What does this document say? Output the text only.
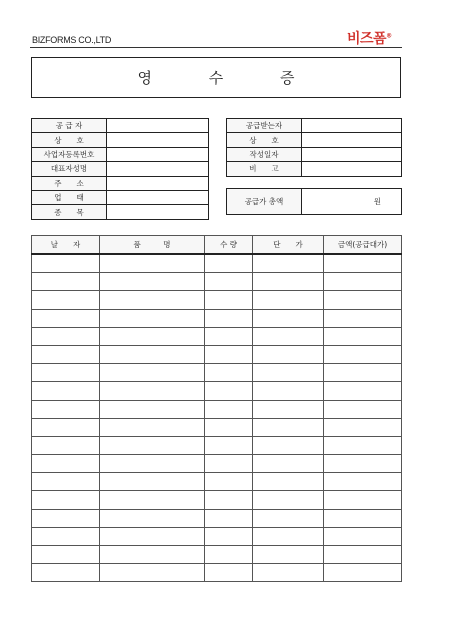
BIZFORMS CO.,LTD	비즈폼®
영 수 증
공 급 자	
상　　호	
사업자등록번호	
대표자성명	
주　　소	
업　　태	
종　　목	
공급받는자	
상　　호	
작성일자	
비　　고	
공급가 총액	원
날　　자	품　　　명	수 량	단　　가	금액(공급대가)
